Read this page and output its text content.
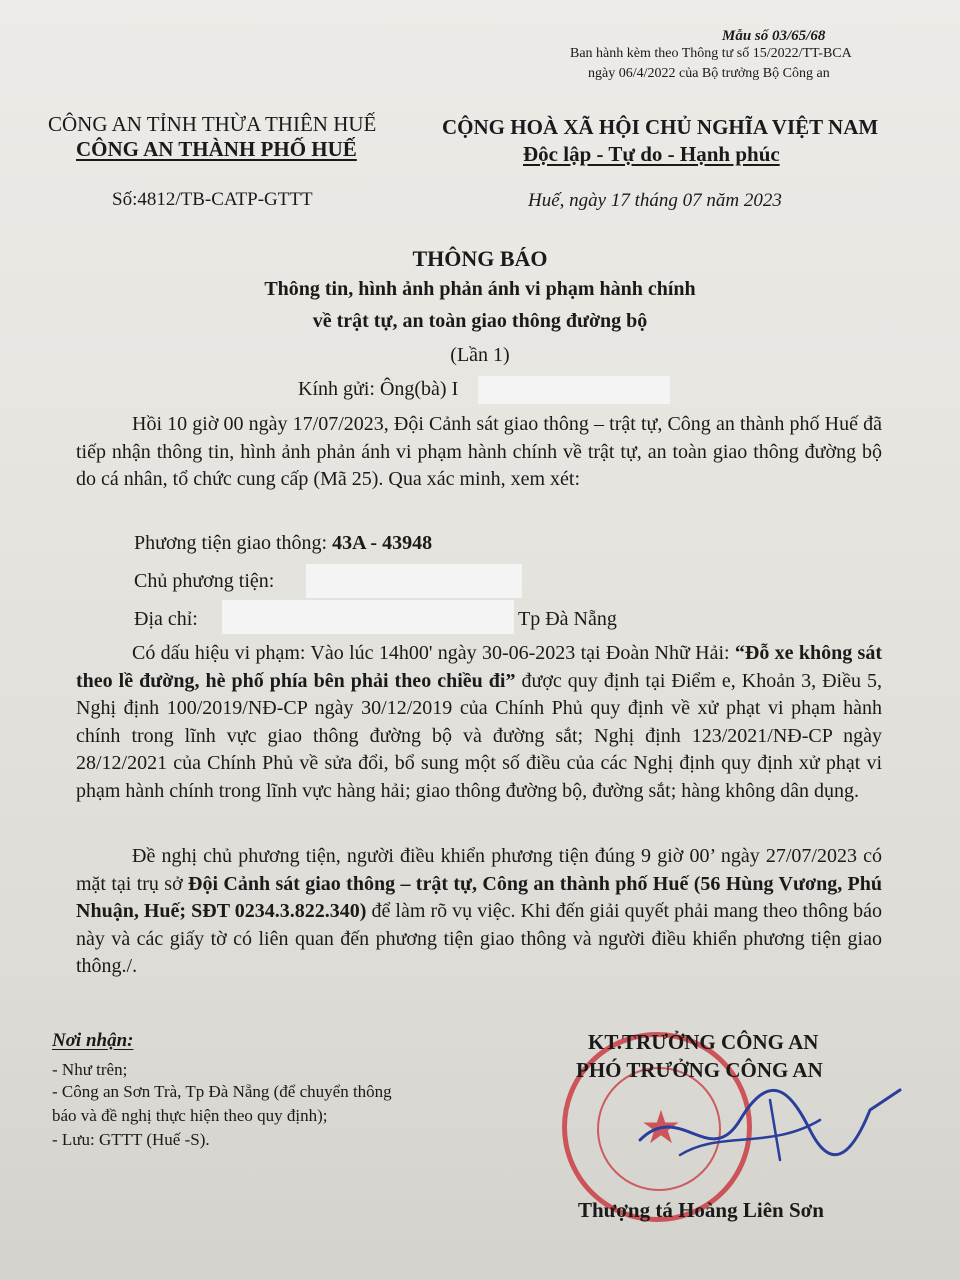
Mẫu số 03/65/68
Ban hành kèm theo Thông tư số 15/2022/TT-BCA
ngày 06/4/2022 của Bộ trưởng Bộ Công an
CÔNG AN TỈNH THỪA THIÊN HUẾ
CÔNG AN THÀNH PHỐ HUẾ
Số:4812/TB-CATP-GTTT
CỘNG HOÀ XÃ HỘI CHỦ NGHĨA VIỆT NAM
Độc lập - Tự do - Hạnh phúc
Huế, ngày 17 tháng 07 năm 2023
THÔNG BÁO
Thông tin, hình ảnh phản ánh vi phạm hành chính
về trật tự, an toàn giao thông đường bộ
(Lần 1)
Kính gửi: Ông(bà) I
Hồi 10 giờ 00 ngày 17/07/2023, Đội Cảnh sát giao thông – trật tự, Công an thành phố Huế đã tiếp nhận thông tin, hình ảnh phản ánh vi phạm hành chính về trật tự, an toàn giao thông đường bộ do cá nhân, tổ chức cung cấp (Mã 25). Qua xác minh, xem xét:
Phương tiện giao thông: 43A - 43948
Chủ phương tiện:
Địa chỉ:	Tp Đà Nẵng
Có dấu hiệu vi phạm: Vào lúc 14h00' ngày 30-06-2023 tại Đoàn Nhữ Hải: “Đỗ xe không sát theo lề đường, hè phố phía bên phải theo chiều đi” được quy định tại Điểm e, Khoản 3, Điều 5, Nghị định 100/2019/NĐ-CP ngày 30/12/2019 của Chính Phủ quy định về xử phạt vi phạm hành chính trong lĩnh vực giao thông đường bộ và đường sắt; Nghị định 123/2021/NĐ-CP ngày 28/12/2021 của Chính Phủ về sửa đổi, bổ sung một số điều của các Nghị định quy định xử phạt vi phạm hành chính trong lĩnh vực hàng hải; giao thông đường bộ, đường sắt; hàng không dân dụng.
Đề nghị chủ phương tiện, người điều khiển phương tiện đúng 9 giờ 00’ ngày 27/07/2023 có mặt tại trụ sở Đội Cảnh sát giao thông – trật tự, Công an thành phố Huế (56 Hùng Vương, Phú Nhuận, Huế; SĐT 0234.3.822.340) để làm rõ vụ việc. Khi đến giải quyết phải mang theo thông báo này và các giấy tờ có liên quan đến phương tiện giao thông và người điều khiển phương tiện giao thông./.
Nơi nhận:
- Như trên;
- Công an Sơn Trà, Tp Đà Nẵng (để chuyển thông
báo và đề nghị thực hiện theo quy định);
- Lưu: GTTT (Huế -S).	★
KT.TRƯỞNG CÔNG AN
PHÓ TRƯỞNG CÔNG AN
Thượng tá Hoàng Liên Sơn
